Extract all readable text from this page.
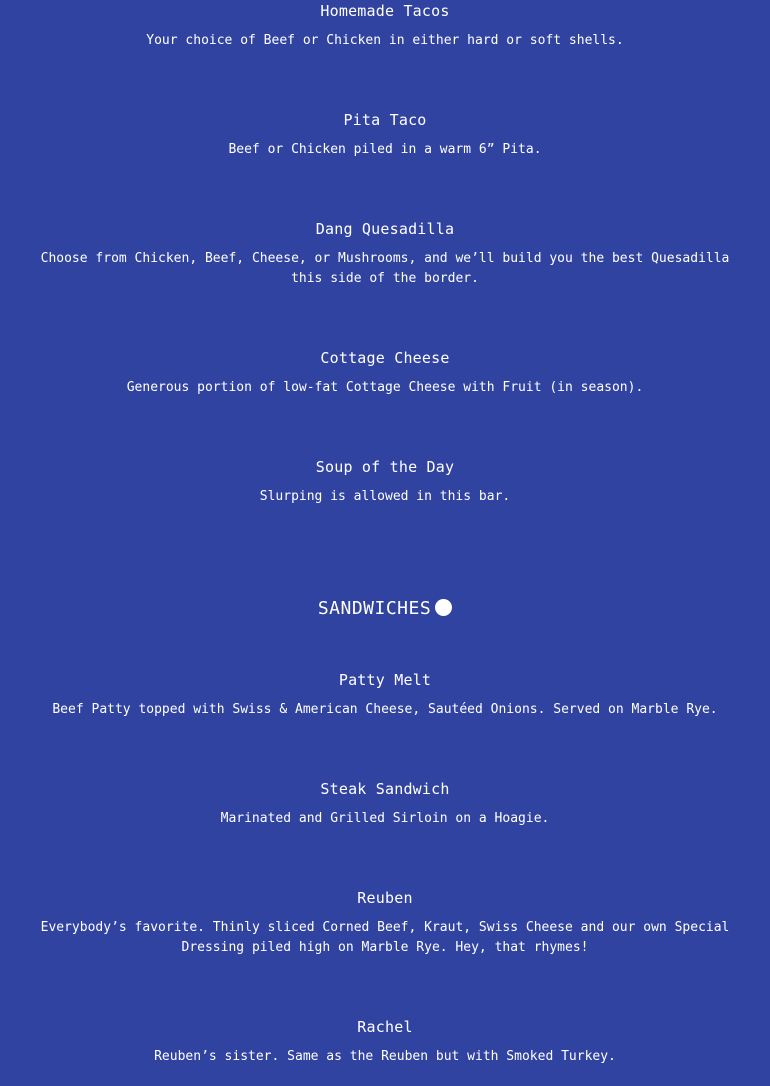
Homemade Tacos

Your choice of Beef or Chicken in either hard or soft shells.

Pita Taco

Beef or Chicken piled in a warm 6” Pita.

Dang Quesadilla

Choose from Chicken, Beef, Cheese, or Mushrooms, and we’ll build you the best Quesadilla this side of the border.

Cottage Cheese

Generous portion of low-fat Cottage Cheese with Fruit (in season).

Soup of the Day

Slurping is allowed in this bar.

SANDWICHES
Patty Melt

Beef Patty topped with Swiss & American Cheese, Sautéed Onions. Served on Marble Rye.

Steak Sandwich

Marinated and Grilled Sirloin on a Hoagie.

Reuben

Everybody’s favorite. Thinly sliced Corned Beef, Kraut, Swiss Cheese and our own Special Dressing piled high on Marble Rye. Hey, that rhymes!

Rachel

Reuben’s sister. Same as the Reuben but with Smoked Turkey.
